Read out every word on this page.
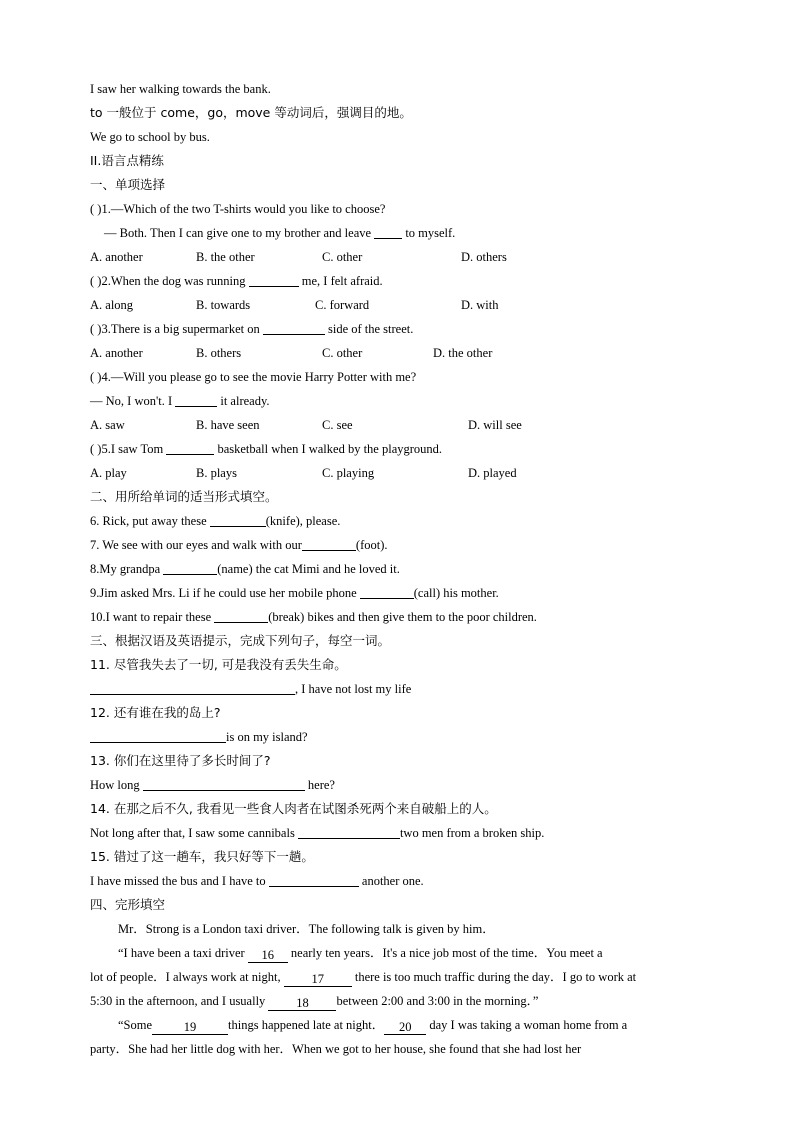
I saw her walking towards the bank.
to 一般位于 come，go，move 等动词后，强调目的地。
We go to school by bus.
II.语言点精练
一、单项选择
( )1.—Which of the two T-shirts would you like to choose?
— Both. Then I can give one to my brother and leave  to myself.
A. another	B. the other	C. other	D. others
( )2.When the dog was running	me, I felt afraid.
A. along	B. towards	C. forward	D. with
( )3.There is a big supermarket on	side of the street.
A. another	B. others	C. other	D. the other
( )4.—Will you please go to see the movie Harry Potter with me?
— No, I won't. I	it already.
A. saw	B. have seen	C. see	D. will see
( )5.I saw Tom	basketball when I walked by the playground.
A. play	B. plays	C. playing	D. played
二、用所给单词的适当形式填空。
6. Rick, put away these	(knife), please.
7. We see with our eyes and walk with our	(foot).
8.My grandpa	(name) the cat Mimi and he loved it.
9.Jim asked Mrs. Li if he could use her mobile phone	(call) his mother.
10.I want to repair these	(break) bikes and then give them to the poor children.
三、根据汉语及英语提示，完成下列句子，每空一词。
11. 尽管我失去了一切, 可是我没有丢失生命。
, I have not lost my life
12. 还有谁在我的岛上?
is on my island?
13. 你们在这里待了多长时间了?
How long	here?
14. 在那之后不久, 我看见一些食人肉者在试图杀死两个来自破船上的人。
Not long after that, I saw some cannibals	two men from a broken ship.
15. 错过了这一趟车，我只好等下一趟。
I have missed the bus and I have to	another one.
四、完形填空
Mr．Strong is a London taxi driver．The following talk is given by him．
“I have been a taxi driver 16 nearly ten years．It's a nice job most of the time．You meet a
lot of people．I always work at night, 17 there is too much traffic during the day．I go to work at
5:30 in the afternoon, and I usually 18 between 2:00 and 3:00 in the morning．”
“Some	19	things happened late at night． 20 day I was taking a woman home from a
party．She had her little dog with her．When we got to her house, she found that she had lost her
